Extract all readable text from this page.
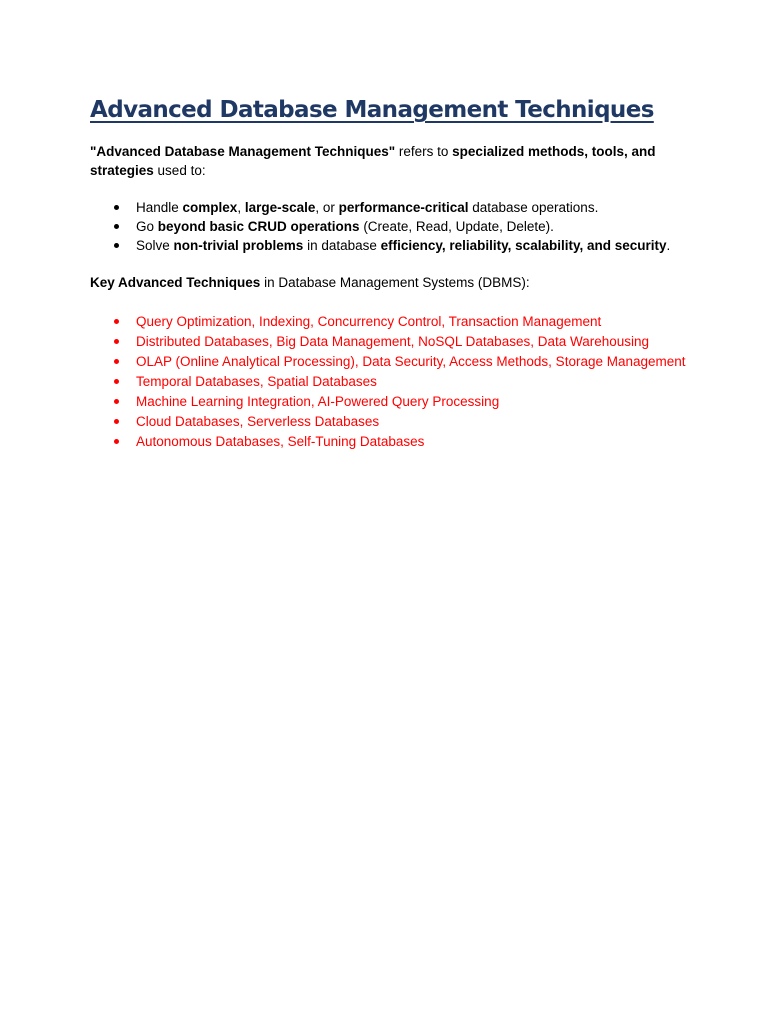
Advanced Database Management Techniques

"Advanced Database Management Techniques" refers to specialized methods, tools, and strategies used to:

Handle complex, large-scale, or performance-critical database operations.
Go beyond basic CRUD operations (Create, Read, Update, Delete).
Solve non-trivial problems in database efficiency, reliability, scalability, and security.

Key Advanced Techniques in Database Management Systems (DBMS):

Query Optimization, Indexing, Concurrency Control, Transaction Management
Distributed Databases, Big Data Management, NoSQL Databases, Data Warehousing
OLAP (Online Analytical Processing), Data Security, Access Methods, Storage Management
Temporal Databases, Spatial Databases
Machine Learning Integration, AI-Powered Query Processing
Cloud Databases, Serverless Databases
Autonomous Databases, Self-Tuning Databases
